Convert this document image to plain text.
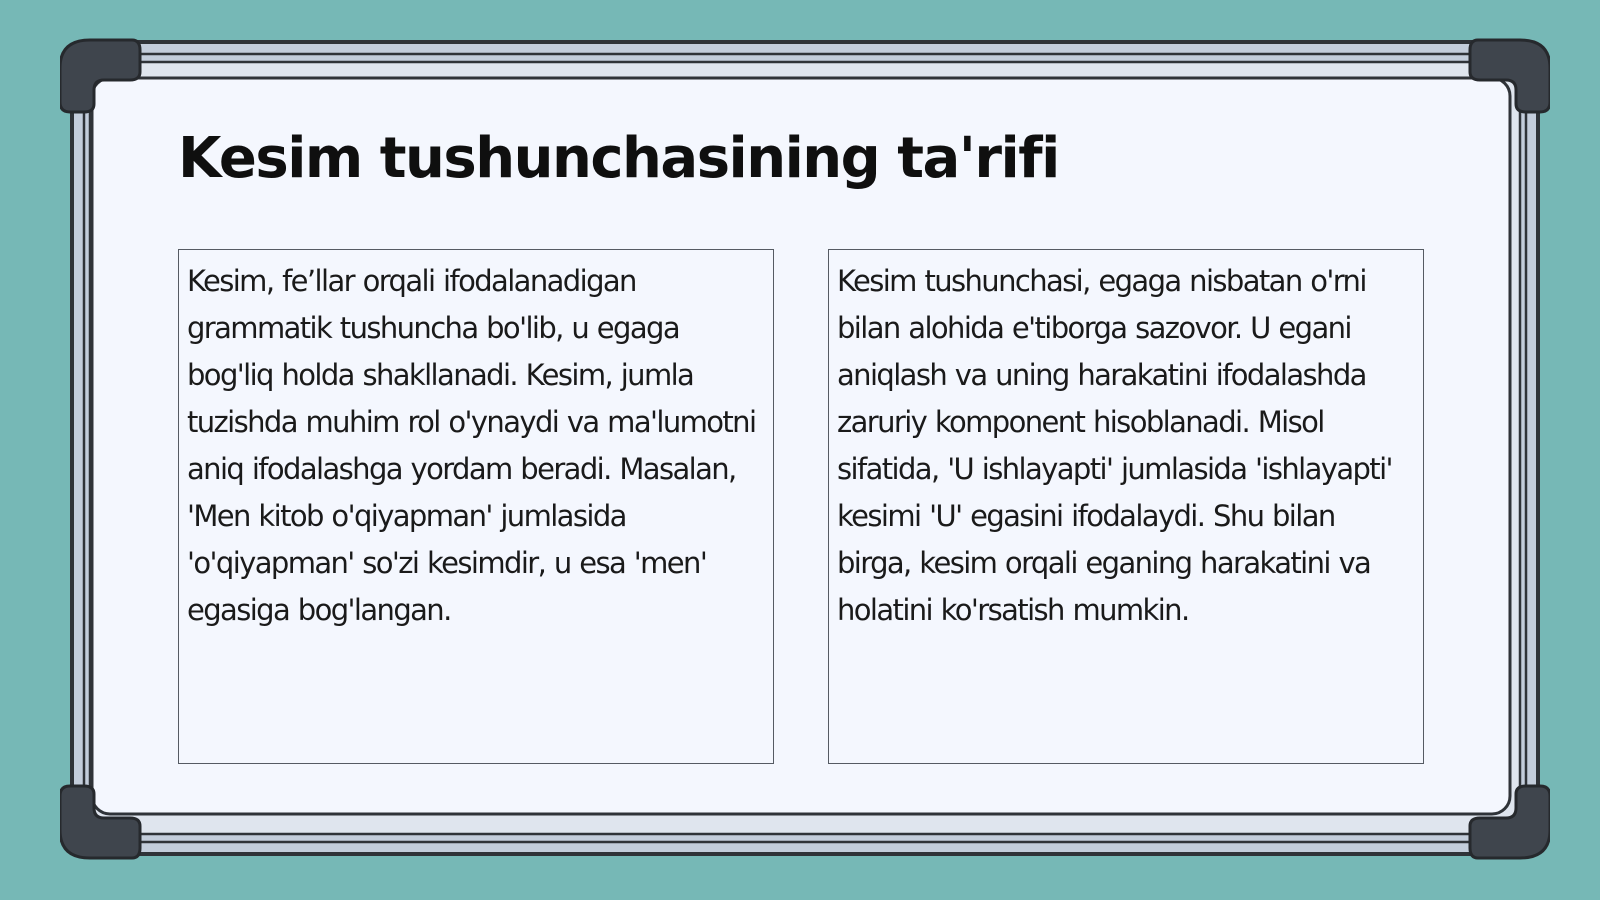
Kesim tushunchasining ta'rifi

Kesim, fe’llar orqali ifodalanadigan grammatik tushuncha bo'lib, u egaga bog'liq holda shakllanadi. Kesim, jumla tuzishda muhim rol o'ynaydi va ma'lumotni aniq ifodalashga yordam beradi. Masalan, 'Men kitob o'qiyapman' jumlasida 'o'qiyapman' so'zi kesimdir, u esa 'men' egasiga bog'langan.

Kesim tushunchasi, egaga nisbatan o'rni bilan alohida e'tiborga sazovor. U egani aniqlash va uning harakatini ifodalashda zaruriy komponent hisoblanadi. Misol sifatida, 'U ishlayapti' jumlasida 'ishlayapti' kesimi 'U' egasini ifodalaydi. Shu bilan birga, kesim orqali eganing harakatini va holatini ko'rsatish mumkin.
